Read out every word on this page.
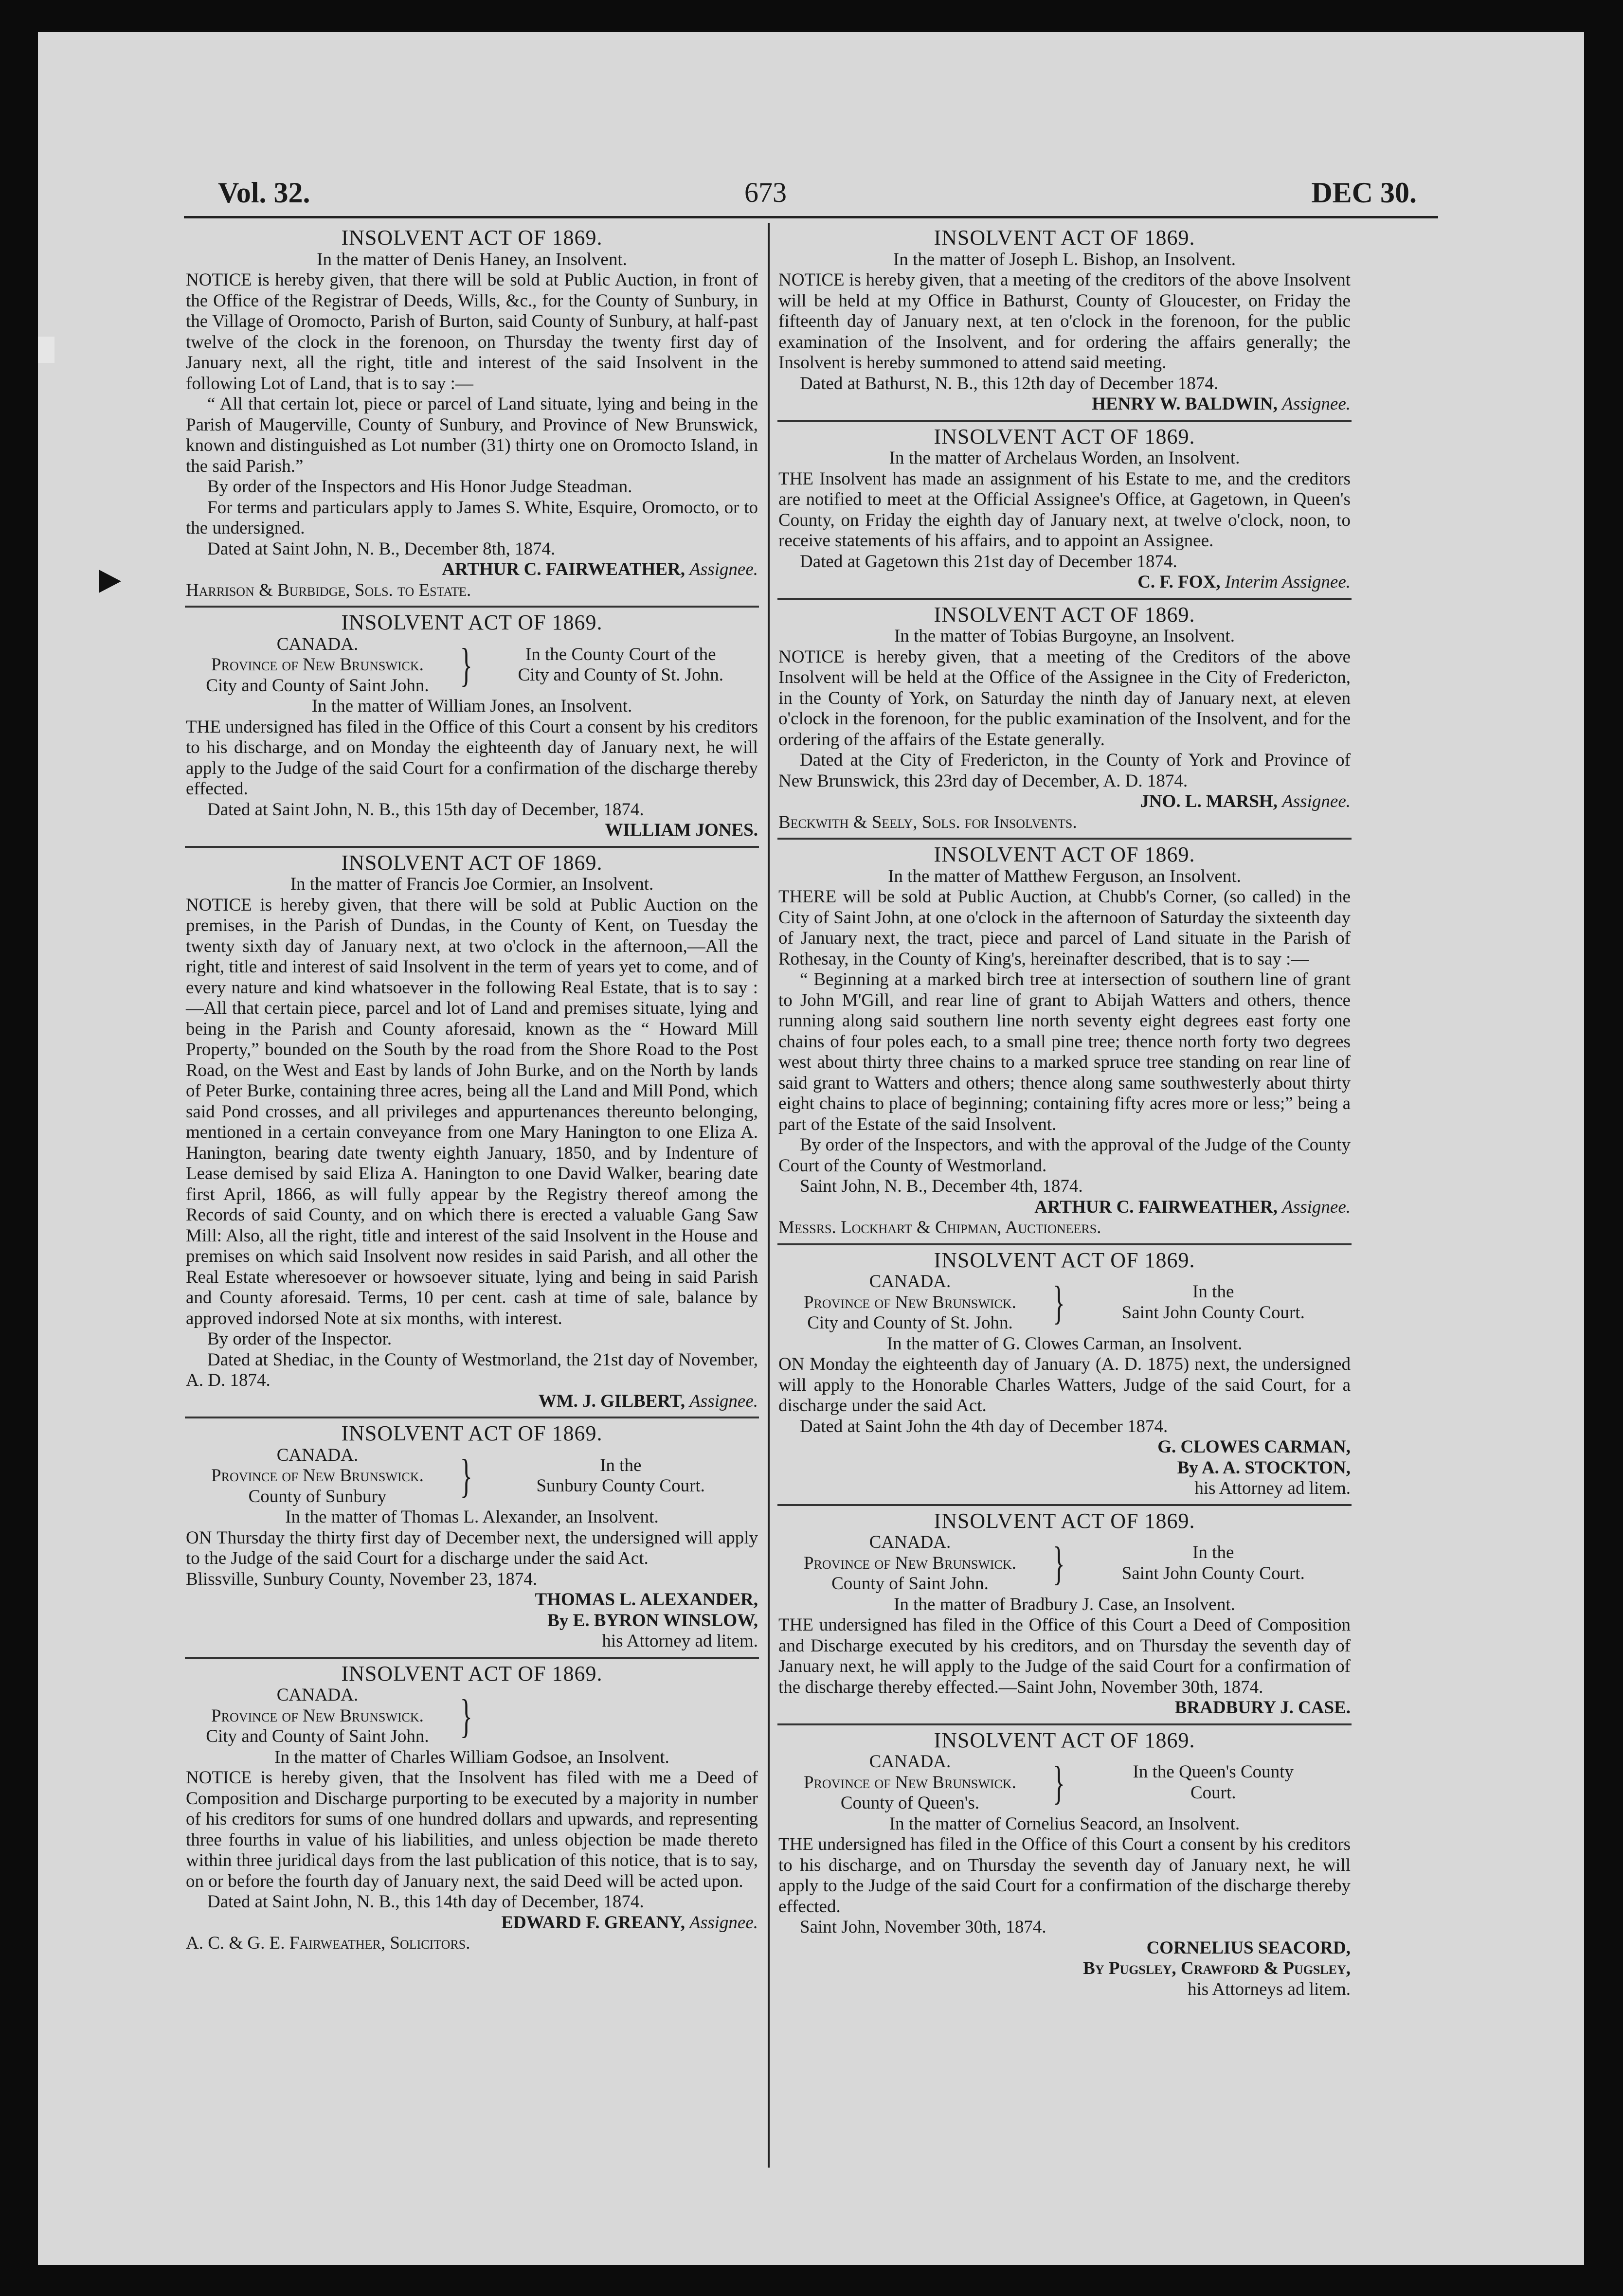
Vol. 32.	673	DEC 30.
INSOLVENT ACT OF 1869.
In the matter of Denis Haney, an Insolvent.
NOTICE is hereby given, that there will be sold at Public Auction, in front of the Office of the Registrar of Deeds, Wills, &c., for the County of Sunbury, in the Village of Oromocto, Parish of Burton, said County of Sunbury, at half-past twelve of the clock in the forenoon, on Thursday the twenty first day of January next, all the right, title and interest of the said Insolvent in the following Lot of Land, that is to say :—
“ All that certain lot, piece or parcel of Land situate, lying and being in the Parish of Maugerville, County of Sunbury, and Province of New Brunswick, known and distinguished as Lot number (31) thirty one on Oromocto Island, in the said Parish.”
By order of the Inspectors and His Honor Judge Steadman.
For terms and particulars apply to James S. White, Esquire, Oromocto, or to the undersigned.
Dated at Saint John, N. B., December 8th, 1874.
ARTHUR C. FAIRWEATHER, Assignee.
Harrison & Burbidge, Sols. to Estate.
INSOLVENT ACT OF 1869.
CANADA.
Province of New Brunswick.
City and County of Saint John. }	In the County Court of the
City and County of St. John.
In the matter of William Jones, an Insolvent.
THE undersigned has filed in the Office of this Court a consent by his creditors to his discharge, and on Monday the eighteenth day of January next, he will apply to the Judge of the said Court for a confirmation of the discharge thereby effected.
Dated at Saint John, N. B., this 15th day of December, 1874.
WILLIAM JONES.
INSOLVENT ACT OF 1869.
In the matter of Francis Joe Cormier, an Insolvent.
NOTICE is hereby given, that there will be sold at Public Auction on the premises, in the Parish of Dundas, in the County of Kent, on Tuesday the twenty sixth day of January next, at two o'clock in the afternoon,—All the right, title and interest of said Insolvent in the term of years yet to come, and of every nature and kind whatsoever in the following Real Estate, that is to say :—All that certain piece, parcel and lot of Land and premises situate, lying and being in the Parish and County aforesaid, known as the “ Howard Mill Property,” bounded on the South by the road from the Shore Road to the Post Road, on the West and East by lands of John Burke, and on the North by lands of Peter Burke, containing three acres, being all the Land and Mill Pond, which said Pond crosses, and all privileges and appurtenances thereunto belonging, mentioned in a certain conveyance from one Mary Hanington to one Eliza A. Hanington, bearing date twenty eighth January, 1850, and by Indenture of Lease demised by said Eliza A. Hanington to one David Walker, bearing date first April, 1866, as will fully appear by the Registry thereof among the Records of said County, and on which there is erected a valuable Gang Saw Mill: Also, all the right, title and interest of the said Insolvent in the House and premises on which said Insolvent now resides in said Parish, and all other the Real Estate wheresoever or howsoever situate, lying and being in said Parish and County aforesaid. Terms, 10 per cent. cash at time of sale, balance by approved indorsed Note at six months, with interest.
By order of the Inspector.
Dated at Shediac, in the County of Westmorland, the 21st day of November, A. D. 1874.
WM. J. GILBERT, Assignee.
INSOLVENT ACT OF 1869.
CANADA.
Province of New Brunswick.
County of Sunbury	}	In the
Sunbury County Court.
In the matter of Thomas L. Alexander, an Insolvent.
ON Thursday the thirty first day of December next, the undersigned will apply to the Judge of the said Court for a discharge under the said Act.
Blissville, Sunbury County, November 23, 1874.
THOMAS L. ALEXANDER,
By E. BYRON WINSLOW,
his Attorney ad litem.
INSOLVENT ACT OF 1869.
CANADA.
Province of New Brunswick.
City and County of Saint John. }
In the matter of Charles William Godsoe, an Insolvent.
NOTICE is hereby given, that the Insolvent has filed with me a Deed of Composition and Discharge purporting to be executed by a majority in number of his creditors for sums of one hundred dollars and upwards, and representing three fourths in value of his liabilities, and unless objection be made thereto within three juridical days from the last publication of this notice, that is to say, on or before the fourth day of January next, the said Deed will be acted upon.
Dated at Saint John, N. B., this 14th day of December, 1874.
EDWARD F. GREANY, Assignee.
A. C. & G. E. Fairweather, Solicitors.
INSOLVENT ACT OF 1869.
In the matter of Joseph L. Bishop, an Insolvent.
NOTICE is hereby given, that a meeting of the creditors of the above Insolvent will be held at my Office in Bathurst, County of Gloucester, on Friday the fifteenth day of January next, at ten o'clock in the forenoon, for the public examination of the Insolvent, and for ordering the affairs generally; the Insolvent is hereby summoned to attend said meeting.
Dated at Bathurst, N. B., this 12th day of December 1874.
HENRY W. BALDWIN, Assignee.
INSOLVENT ACT OF 1869.
In the matter of Archelaus Worden, an Insolvent.
THE Insolvent has made an assignment of his Estate to me, and the creditors are notified to meet at the Official Assignee's Office, at Gagetown, in Queen's County, on Friday the eighth day of January next, at twelve o'clock, noon, to receive statements of his affairs, and to appoint an Assignee.
Dated at Gagetown this 21st day of December 1874.
C. F. FOX, Interim Assignee.
INSOLVENT ACT OF 1869.
In the matter of Tobias Burgoyne, an Insolvent.
NOTICE is hereby given, that a meeting of the Creditors of the above Insolvent will be held at the Office of the Assignee in the City of Fredericton, in the County of York, on Saturday the ninth day of January next, at eleven o'clock in the forenoon, for the public examination of the Insolvent, and for the ordering of the affairs of the Estate generally.
Dated at the City of Fredericton, in the County of York and Province of New Brunswick, this 23rd day of December, A. D. 1874.
JNO. L. MARSH, Assignee.
Beckwith & Seely, Sols. for Insolvents.
INSOLVENT ACT OF 1869.
In the matter of Matthew Ferguson, an Insolvent.
THERE will be sold at Public Auction, at Chubb's Corner, (so called) in the City of Saint John, at one o'clock in the afternoon of Saturday the sixteenth day of January next, the tract, piece and parcel of Land situate in the Parish of Rothesay, in the County of King's, hereinafter described, that is to say :—
“ Beginning at a marked birch tree at intersection of southern line of grant to John M'Gill, and rear line of grant to Abijah Watters and others, thence running along said southern line north seventy eight degrees east forty one chains of four poles each, to a small pine tree; thence north forty two degrees west about thirty three chains to a marked spruce tree standing on rear line of said grant to Watters and others; thence along same southwesterly about thirty eight chains to place of beginning; containing fifty acres more or less;” being a part of the Estate of the said Insolvent.
By order of the Inspectors, and with the approval of the Judge of the County Court of the County of Westmorland.
Saint John, N. B., December 4th, 1874.
ARTHUR C. FAIRWEATHER, Assignee.
Messrs. Lockhart & Chipman, Auctioneers.
INSOLVENT ACT OF 1869.
CANADA.
Province of New Brunswick.
City and County of St. John. }	In the
Saint John County Court.
In the matter of G. Clowes Carman, an Insolvent.
ON Monday the eighteenth day of January (A. D. 1875) next, the undersigned will apply to the Honorable Charles Watters, Judge of the said Court, for a discharge under the said Act.
Dated at Saint John the 4th day of December 1874.
G. CLOWES CARMAN,
By A. A. STOCKTON,
his Attorney ad litem.
INSOLVENT ACT OF 1869.
CANADA.
Province of New Brunswick.
County of Saint John.	}	In the
Saint John County Court.
In the matter of Bradbury J. Case, an Insolvent.
THE undersigned has filed in the Office of this Court a Deed of Composition and Discharge executed by his creditors, and on Thursday the seventh day of January next, he will apply to the Judge of the said Court for a confirmation of the discharge thereby effected.—Saint John, November 30th, 1874.
BRADBURY J. CASE.
INSOLVENT ACT OF 1869.
CANADA.
Province of New Brunswick.
County of Queen's.	}	In the Queen's County
Court.
In the matter of Cornelius Seacord, an Insolvent.
THE undersigned has filed in the Office of this Court a consent by his creditors to his discharge, and on Thursday the seventh day of January next, he will apply to the Judge of the said Court for a confirmation of the discharge thereby effected.
Saint John, November 30th, 1874.
CORNELIUS SEACORD,
By Pugsley, Crawford & Pugsley,
his Attorneys ad litem.
